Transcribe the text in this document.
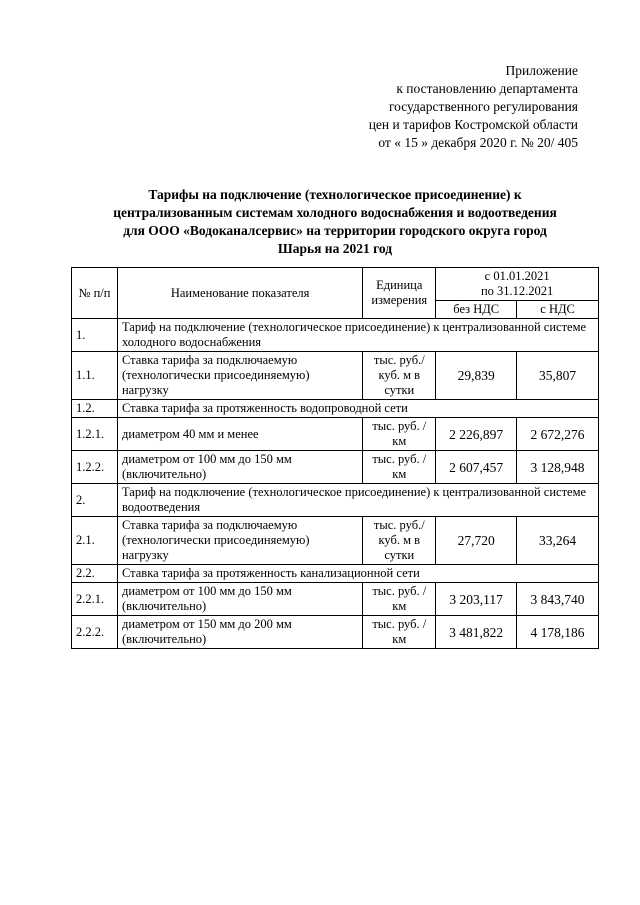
Приложение
к постановлению департамента
государственного регулирования
цен и тарифов Костромской области
от « 15 » декабря 2020 г. № 20/ 405
Тарифы на подключение (технологическое присоединение) к
централизованным системам холодного водоснабжения и водоотведения
для ООО «Водоканалсервис» на территории городского округа город
Шарья на 2021 год
№ п/п	Наименование показателя	Единица измерения	с 01.01.2021	
			по 31.12.2021	
			без НДС	с НДС
1.	Тариф на подключение (технологическое присоединение) к централизованной системе холодного водоснабжения			
1.1.	Ставка тарифа за подключаемую (технологически присоединяемую) нагрузку	тыс. руб./ куб. м в сутки	29,839	35,807
1.2.	Ставка тарифа за протяженность водопроводной сети			
1.2.1.	диаметром 40 мм и менее	тыс. руб. /км	2 226,897	2 672,276
1.2.2.	диаметром от 100 мм до 150 мм (включительно)	тыс. руб. /км	2 607,457	3 128,948
2.	Тариф на подключение (технологическое присоединение) к централизованной системе водоотведения			
2.1.	Ставка тарифа за подключаемую (технологически присоединяемую) нагрузку	тыс. руб./ куб. м в сутки	27,720	33,264
2.2.	Ставка тарифа за протяженность канализационной сети			
2.2.1.	диаметром от 100 мм до 150 мм (включительно)	тыс. руб. /км	3 203,117	3 843,740
2.2.2.	диаметром от 150 мм до 200 мм (включительно)	тыс. руб. /км	3 481,822	4 178,186
